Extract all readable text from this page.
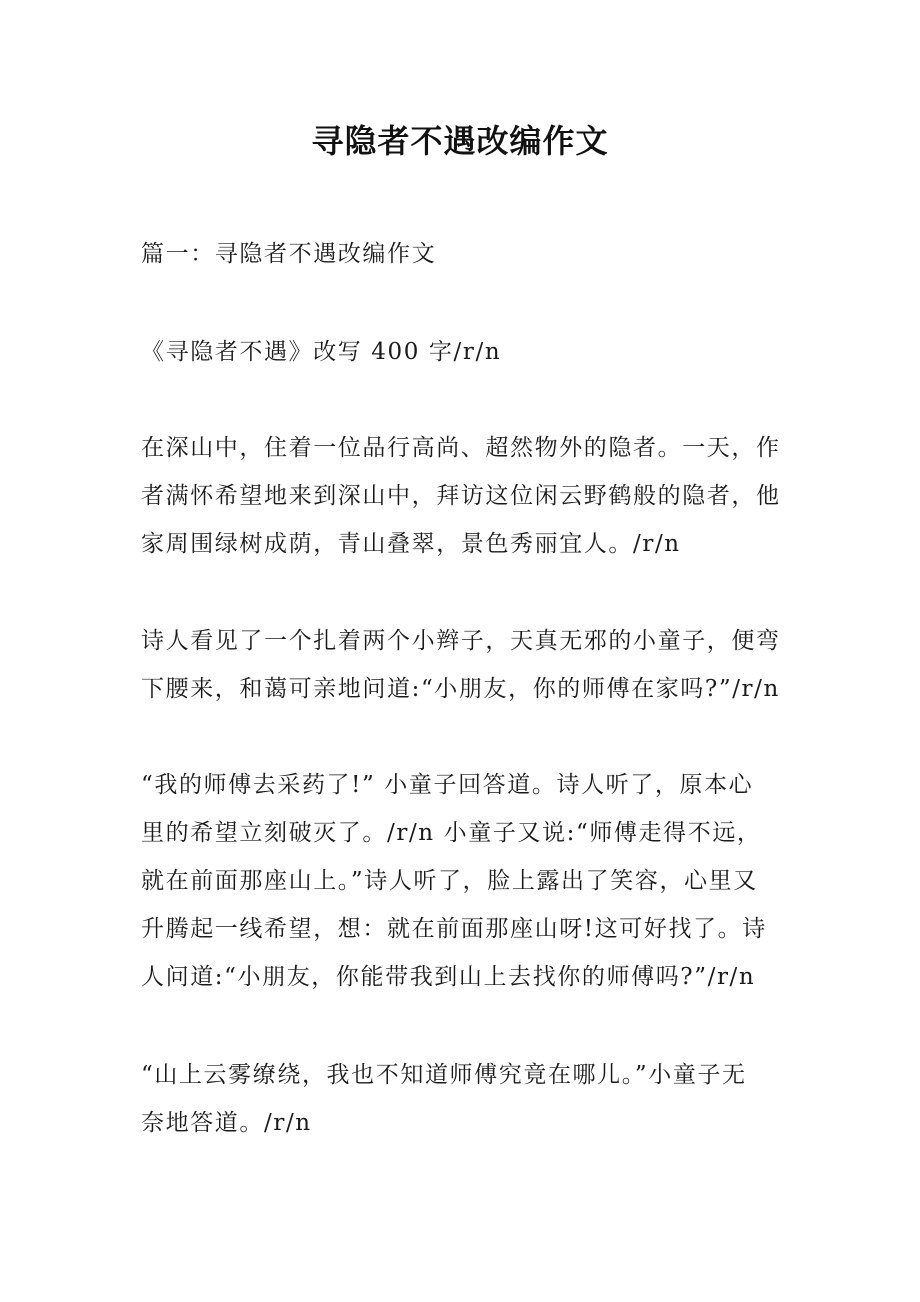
寻隐者不遇改编作文
篇一：寻隐者不遇改编作文
《寻隐者不遇》改写 400 字/r/n
在深山中，住着一位品行高尚、超然物外的隐者。一天，作
者满怀希望地来到深山中，拜访这位闲云野鹤般的隐者，他
家周围绿树成荫，青山叠翠，景色秀丽宜人。/r/n
诗人看见了一个扎着两个小辫子，天真无邪的小童子，便弯
下腰来，和蔼可亲地问道:“小朋友，你的师傅在家吗?”/r/n
“我的师傅去采药了!” 小童子回答道。诗人听了，原本心
里的希望立刻破灭了。/r/n 小童子又说:“师傅走得不远，
就在前面那座山上。”诗人听了，脸上露出了笑容，心里又
升腾起一线希望，想：就在前面那座山呀!这可好找了。诗
人问道:“小朋友，你能带我到山上去找你的师傅吗?”/r/n
“山上云雾缭绕，我也不知道师傅究竟在哪儿。”小童子无
奈地答道。/r/n
